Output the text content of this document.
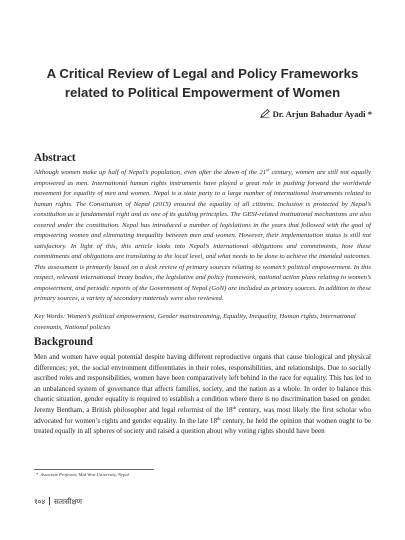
A Critical Review of Legal and Policy Frameworks
related to Political Empowerment of Women
Dr. Arjun Bahadur Ayadi *
Abstract
Although women make up half of Nepal’s population, even after the dawn of the 21st century, women are still not equally empowered as men. International human rights instruments have played a great role in pushing forward the worldwide movement for equality of men and women. Nepal is a state party to a large number of international instruments related to human rights. The Constitution of Nepal (2015) ensured the equality of all citizens. Inclusion is protected by Nepal’s constitution as a fundamental right and as one of its guiding principles. The GESI-related institutional mechanisms are also covered under the constitution. Nepal has introduced a number of legislations in the years that followed with the goal of empowering women and eliminating inequality between men and women. However, their implementation status is still not satisfactory. In light of this, this article looks into Nepal’s international obligations and commitments, how these commitments and obligations are translating to the local level, and what needs to be done to achieve the intended outcomes. This assessment is primarily based on a desk review of primary sources relating to women’s political empowerment. In this respect, relevant international treaty bodies, the legislative and policy framework, national action plans relating to women’s empowerment, and periodic reports of the Government of Nepal (GoN) are included as primary sources. In addition to these primary sources, a variety of secondary materials were also reviewed.
Key Words: Women’s political empowerment, Gender mainstreaming, Equality, Inequality, Human rights, International covenants, National policies
Background
Men and women have equal potential despite having different reproductive organs that cause biological and physical differences; yet, the social environment differentiates in their roles, responsibilities, and relationships. Due to socially ascribed roles and responsibilities, women have been comparatively left behind in the race for equality. This has led to an unbalanced system of governance that affects families, society, and the nation as a whole. In order to balance this chaotic situation, gender equality is required to establish a condition where there is no discrimination based on gender. Jeremy Bentham, a British philosopher and legal reformist of the 18th century, was most likely the first scholar who advocated for women’s rights and gender equality. In the late 18th century, he held the opinion that women ought to be treated equally in all spheres of society and raised a question about why voting rights should have been
* Associate Professor, Mid West University, Nepal
१०४ सतासीक्षण
